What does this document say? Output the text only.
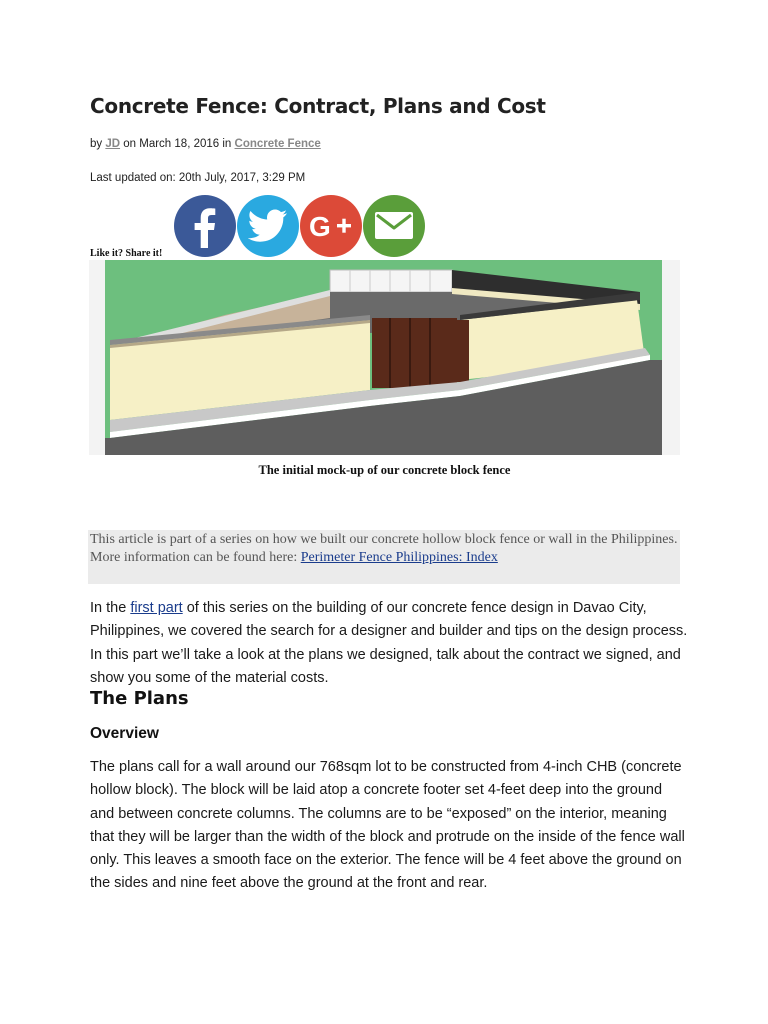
Concrete Fence: Contract, Plans and Cost
by JD on March 18, 2016 in Concrete Fence
Last updated on: 20th July, 2017, 3:29 PM
Like it? Share it!
G
The initial mock-up of our concrete block fence

This article is part of a series on how we built our concrete hollow block fence or wall in the Philippines.

More information can be found here: Perimeter Fence Philippines: Index

In the first part of this series on the building of our concrete fence design in Davao City, Philippines, we covered the search for a designer and builder and tips on the design process. In this part we’ll take a look at the plans we designed, talk about the contract we signed, and show you some of the material costs.

The Plans
Overview

The plans call for a wall around our 768sqm lot to be constructed from 4-inch CHB (concrete hollow block). The block will be laid atop a concrete footer set 4-feet deep into the ground and between concrete columns. The columns are to be “exposed” on the interior, meaning that they will be larger than the width of the block and protrude on the inside of the fence wall only. This leaves a smooth face on the exterior. The fence will be 4 feet above the ground on the sides and nine feet above the ground at the front and rear.
